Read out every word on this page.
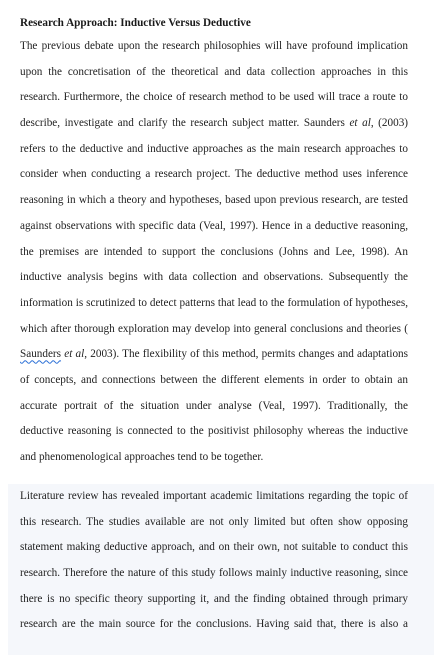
Research Approach: Inductive Versus Deductive
The previous debate upon the research philosophies will have profound implication
upon the concretisation of the theoretical and data collection approaches in this
research. Furthermore, the choice of research method to be used will trace a route to
describe, investigate and clarify the research subject matter. Saunders et al, (2003)
refers to the deductive and inductive approaches as the main research approaches to
consider when conducting a research project. The deductive method uses inference
reasoning in which a theory and hypotheses, based upon previous research, are tested
against observations with specific data (Veal, 1997). Hence in a deductive reasoning,
the premises are intended to support the conclusions (Johns and Lee, 1998). An
inductive analysis begins with data collection and observations. Subsequently the
information is scrutinized to detect patterns that lead to the formulation of hypotheses,
which after thorough exploration may develop into general conclusions and theories (
Saunders et al, 2003). The flexibility of this method, permits changes and adaptations
of concepts, and connections between the different elements in order to obtain an
accurate portrait of the situation under analyse (Veal, 1997). Traditionally, the
deductive reasoning is connected to the positivist philosophy whereas the inductive
and phenomenological approaches tend to be together.
Literature review has revealed important academic limitations regarding the topic of
this research. The studies available are not only limited but often show opposing
statement making deductive approach, and on their own, not suitable to conduct this
research. Therefore the nature of this study follows mainly inductive reasoning, since
there is no specific theory supporting it, and the finding obtained through primary
research are the main source for the conclusions. Having said that, there is also a
